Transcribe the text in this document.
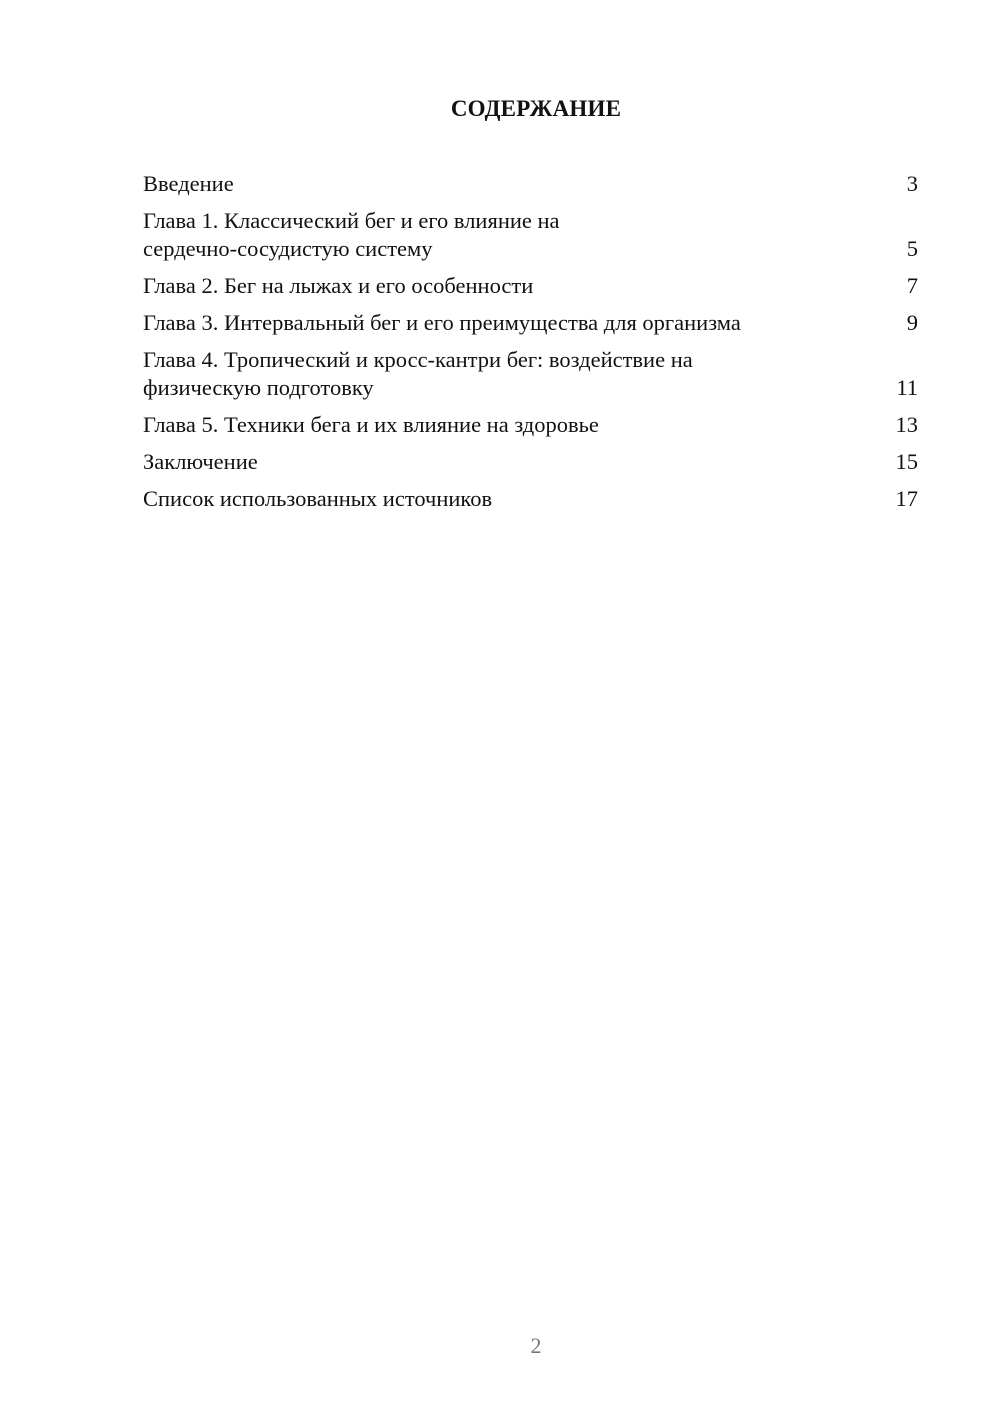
СОДЕРЖАНИЕ
Введение	3
Глава 1. Классический бег и его влияние на
сердечно-сосудистую систему	5
Глава 2. Бег на лыжах и его особенности	7
Глава 3. Интервальный бег и его преимущества для организма	9
Глава 4. Тропический и кросс-кантри бег: воздействие на
физическую подготовку	11
Глава 5. Техники бега и их влияние на здоровье	13
Заключение	15
Список использованных источников	17
2
